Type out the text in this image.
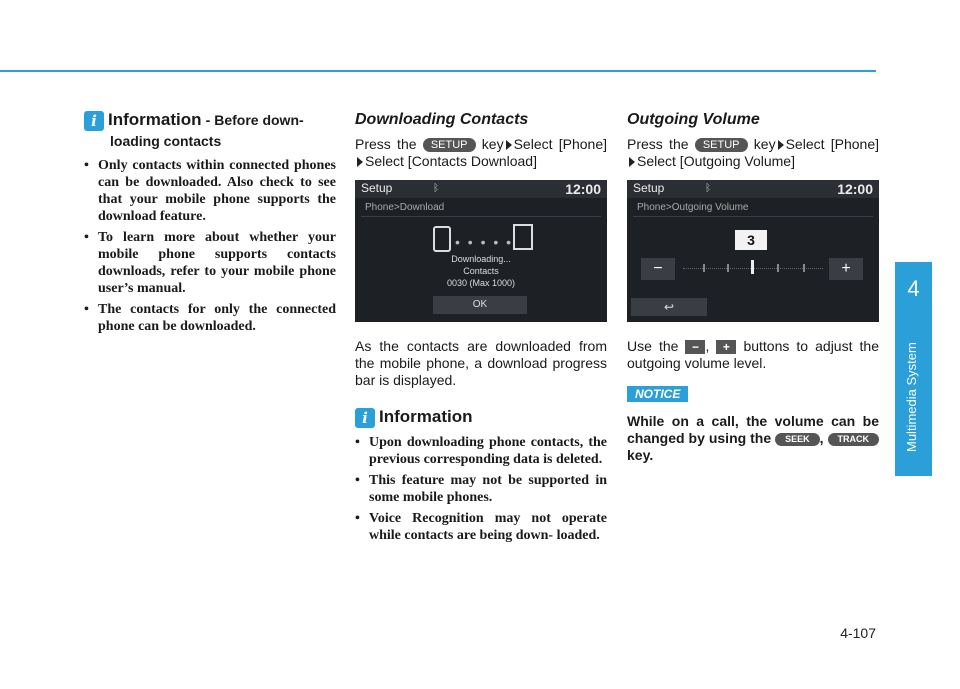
4
Multimedia System
i Information - Before down-
loading contacts
• Only contacts within connected phones can be downloaded. Also check to see that your mobile phone supports the download feature.
• To learn more about whether your mobile phone supports contacts downloads, refer to your mobile phone user’s manual.
• The contacts for only the connected phone can be downloaded.
Downloading Contacts

Press the SETUP key Select [Phone]Select [Contacts Download]

Setup	ᛒ	12:00
Phone>Download
• • • • •
Downloading...
Contacts
0030 (Max 1000)
OK

As the contacts are downloaded from the mobile phone, a download progress bar is displayed.

i Information
• Upon downloading phone contacts, the previous corresponding data is deleted.
• This feature may not be supported in some mobile phones.
• Voice Recognition may not operate while contacts are being down- loaded.
Outgoing Volume

Press the SETUP key Select [Phone] Select [Outgoing Volume]

Setup	ᛒ	12:00
Phone>Outgoing Volume
3
−	+
↩

Use the − , + buttons to adjust the outgoing volume level.

NOTICE
While on a call, the volume can be changed by using the SEEK , TRACK key.
4-107
